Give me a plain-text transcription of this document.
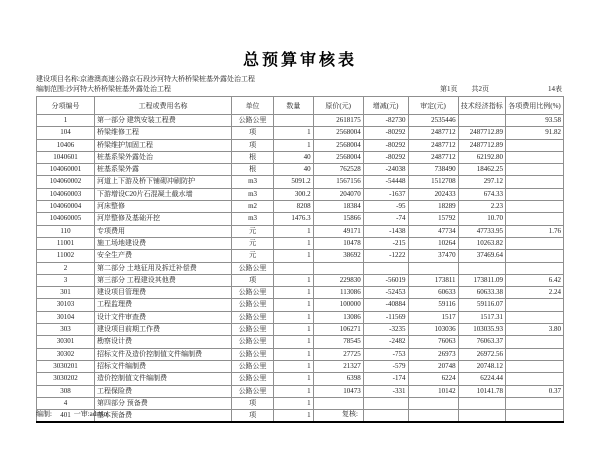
总预算审核表
建设项目名称:京港澳高速公路京石段沙河特大桥桥梁桩基外露处治工程
编制范围:沙河特大桥桥梁桩基外露处治工程	第1页 共2页	14表
分项编号	工程或费用名称	单位	数量	原价(元)	增减(元)	审定(元)	技术经济指标	各项费用比例(%)
1	第一部分 建筑安装工程费	公路公里		2618175	-82730	2535446		93.58
104	桥梁维修工程	项	1	2568004	-80292	2487712	2487712.89	91.82
10406	桥梁维护加固工程	项	1	2568004	-80292	2487712	2487712.89	
1040601	桩基系梁外露处治	根	40	2568004	-80292	2487712	62192.80	
104060001	桩基系梁外露	根	40	762528	-24038	738490	18462.25	
104060002	河道上下游及桥下铺砌冲刷防护	m3	5091.2	1567156	-54448	1512708	297.12	
104060003	下游增设C20片石混凝土截水墙	m3	300.2	204070	-1637	202433	674.33	
104060004	河床整修	m2	8208	18384	-95	18289	2.23	
104060005	河岸整修及基础开挖	m3	1476.3	15866	-74	15792	10.70	
110	专项费用	元	1	49171	-1438	47734	47733.95	1.76
11001	施工场地建设费	元	1	10478	-215	10264	10263.82	
11002	安全生产费	元	1	38692	-1222	37470	37469.64	
2	第二部分 土地征用及拆迁补偿费	公路公里						
3	第三部分 工程建设其他费	项	1	229830	-56019	173811	173811.09	6.42
301	建设项目管理费	公路公里	1	113086	-52453	60633	60633.38	2.24
30103	工程监理费	公路公里	1	100000	-40884	59116	59116.07	
30104	设计文件审查费	公路公里	1	13086	-11569	1517	1517.31	
303	建设项目前期工作费	公路公里	1	106271	-3235	103036	103035.93	3.80
30301	勘察设计费	公路公里	1	78545	-2482	76063	76063.37	
30302	招标文件及造价控制值文件编制费	公路公里	1	27725	-753	26973	26972.56	
3030201	招标文件编制费	公路公里	1	21327	-579	20748	20748.12	
3030202	造价控制值文件编制费	公路公里	1	6398	-174	6224	6224.44	
308	工程保险费	公路公里	1	10473	-331	10142	10141.78	0.37
4	第四部分 预备费	项	1					
401	基本预备费	项	1					
编制:	一审:admin	复核:
